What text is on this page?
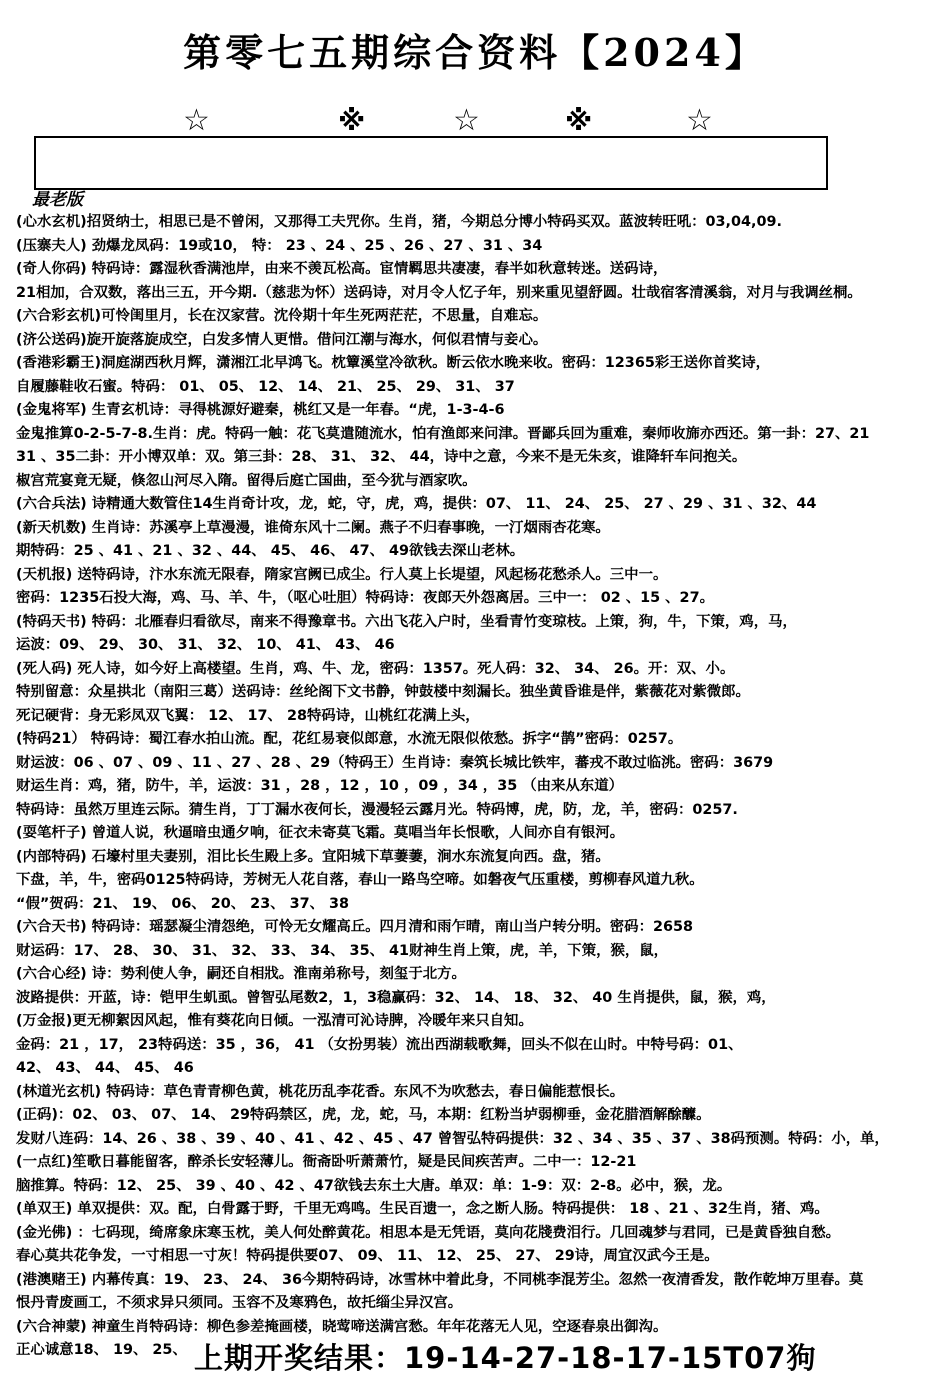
第零七五期综合资料【2024】
☆	※	☆	※	☆
最老版
(心水玄机)招贤纳士，相思已是不曾闲，又那得工夫咒你。生肖，猪，今期总分博小特码买双。蓝波转旺吼：03,04,09.
(压寨夫人) 劲爆龙凤码：19或10， 特： 23 、24 、25 、26 、27 、31 、34
(奇人你码) 特码诗：露湿秋香满池岸，由来不羡瓦松高。宦情羁思共凄凄，春半如秋意转迷。送码诗，
21相加，合双数，落出三五，开今期.（慈悲为怀）送码诗，对月令人忆子年，别来重见望舒圆。壮哉宿客清溪翁，对月与我调丝桐。
(六合彩玄机)可怜闺里月，长在汉家营。沈伶期十年生死两茫茫，不思量，自难忘。
(济公送码)旋开旋落旋成空，白发多情人更惜。借问江潮与海水，何似君情与妾心。
(香港彩霸王)洞庭湖西秋月辉，潇湘江北早鸿飞。枕簟溪堂冷欲秋。断云依水晚来收。密码：12365彩王送你首奖诗，
自履藤鞋收石蜜。特码： 01、 05、 12、 14、 21、 25、 29、 31、 37
(金鬼将军) 生青玄机诗：寻得桃源好避秦，桃红又是一年春。“虎，1-3-4-6
金鬼推算0-2-5-7-8.生肖：虎。特码一触：花飞莫遣随流水，怕有渔郎来问津。晋鄙兵回为重难，秦师收旆亦西还。第一卦：27、21
31 、35二卦：开小博双单：双。第三卦：28、 31、 32、 44，诗中之意，今来不是无朱亥，谁降轩车问抱关。
椒宫荒宴竟无疑，倏忽山河尽入隋。留得后庭亡国曲，至今犹与酒家吹。
(六合兵法) 诗精通大数管住14生肖奇计攻，龙，蛇，守，虎，鸡，提供：07、 11、 24、 25、 27 、29 、31 、32、44
(新天机数) 生肖诗：苏溪亭上草漫漫，谁倚东风十二阑。燕子不归春事晚，一汀烟雨杏花寒。
期特码：25 、41 、21 、32 、44、 45、 46、 47、 49欲钱去深山老林。
(天机报) 送特码诗，汴水东流无限春，隋家宫阙已成尘。行人莫上长堤望，风起杨花愁杀人。三中一。
密码：1235石投大海，鸡、马、羊、牛，（呕心吐胆）特码诗：夜郎天外怨离居。三中一： 02 、15 、27。
(特码天书) 特码：北雁春归看欲尽，南来不得豫章书。六出飞花入户时，坐看青竹变琼枝。上策，狗，牛，下策，鸡，马，
运波：09、 29、 30、 31、 32、 10、 41、 43、 46
(死人码) 死人诗，如今好上高楼望。生肖，鸡、牛、龙，密码：1357。死人码：32、 34、 26。开：双、小。
特别留意：众星拱北（南阳三葛）送码诗：丝纶阁下文书静，钟鼓楼中刻漏长。独坐黄昏谁是伴，紫薇花对紫微郎。
死记硬背：身无彩凤双飞翼： 12、 17、 28特码诗，山桃红花满上头，
(特码21） 特码诗：蜀江春水拍山流。配，花红易衰似郎意，水流无限似侬愁。拆字“鹊”密码：0257。
财运波：06 、07 、09 、11 、27 、28 、29（特码王）生肖诗：秦筑长城比铁牢，蕃戎不敢过临洮。密码：3679
财运生肖：鸡，猪，防牛，羊，运波：31 ，28 ，12 ，10 ，09 ，34 ，35 （由来从东道）
特码诗：虽然万里连云际。猜生肖，丁丁漏水夜何长，漫漫轻云露月光。特码博，虎，防，龙，羊，密码：0257.
(耍笔杆子) 曾道人说，秋逼暗虫通夕响，征衣未寄莫飞霜。莫唱当年长恨歌，人间亦自有银河。
(内部特码) 石壕村里夫妻别，泪比长生殿上多。宜阳城下草萋萋，涧水东流复向西。盘，猪。
下盘，羊，牛，密码0125特码诗，芳树无人花自落，春山一路鸟空啼。如磐夜气压重楼，剪柳春风道九秋。
“假”贺码：21、 19、 06、 20、 23、 37、 38
(六合天书) 特码诗：瑶瑟凝尘清怨绝，可怜无女耀高丘。四月清和雨乍晴，南山当户转分明。密码：2658
财运码：17、 28、 30、 31、 32、 33、 34、 35、 41财神生肖上策，虎，羊，下策，猴，鼠，
(六合心经) 诗：势利使人争，嗣还自相戕。淮南弟称号，刻玺于北方。
波路提供：开蓝，诗：铠甲生虮虱。曾智弘尾数2，1，3稳赢码：32、 14、 18、 32、 40 生肖提供，鼠，猴，鸡，
(万金报)更无柳絮因风起，惟有葵花向日倾。一泓清可沁诗脾，冷暖年来只自知。
金码：21 ，17， 23特码送：35 ，36， 41 （女扮男装）流出西湖载歌舞，回头不似在山时。中特号码：01、
42、 43、 44、 45、 46
(林道光玄机) 特码诗：草色青青柳色黄，桃花历乱李花香。东风不为吹愁去，春日偏能惹恨长。
(正码)：02、 03、 07、 14、 29特码禁区，虎，龙，蛇，马，本期：红粉当垆弱柳垂，金花腊酒解酴醾。
发财八连码：14、26 、38 、39 、40 、41 、42 、45 、47 曾智弘特码提供：32 、34 、35 、37 、38码预测。特码：小，单，
(一点红)笙歌日暮能留客，醉杀长安轻薄儿。衙斋卧听萧萧竹，疑是民间疾苦声。二中一：12-21
脑推算。特码：12、 25、 39 、40 、42 、47欲钱去东土大唐。单双：单：1-9：双：2-8。必中，猴，龙。
(单双王) 单双提供：双。配，白骨露于野，千里无鸡鸣。生民百遗一，念之断人肠。特码提供： 18 、21 、32生肖，猪、鸡。
(金光佛) ：七码现，绮席象床寒玉枕，美人何处醉黄花。相思本是无凭语，莫向花牋费泪行。几回魂梦与君同，已是黄昏独自愁。
春心莫共花争发，一寸相思一寸灰！特码提供要07、 09、 11、 12、 25、 27、 29诗，周宜汉武今王是。
(港澳赌王) 内幕传真：19、 23、 24、 36今期特码诗，冰雪林中着此身，不同桃李混芳尘。忽然一夜清香发，散作乾坤万里春。莫
恨丹青废画工，不须求异只须同。玉容不及寒鸦色，故托缁尘异汉宫。
(六合神蒙) 神童生肖特码诗：柳色参差掩画楼，晓莺啼送满宫愁。年年花落无人见，空逐春泉出御沟。
正心诚意18、 19、 25、 上期开奖结果：19-14-27-18-17-15T07狗
